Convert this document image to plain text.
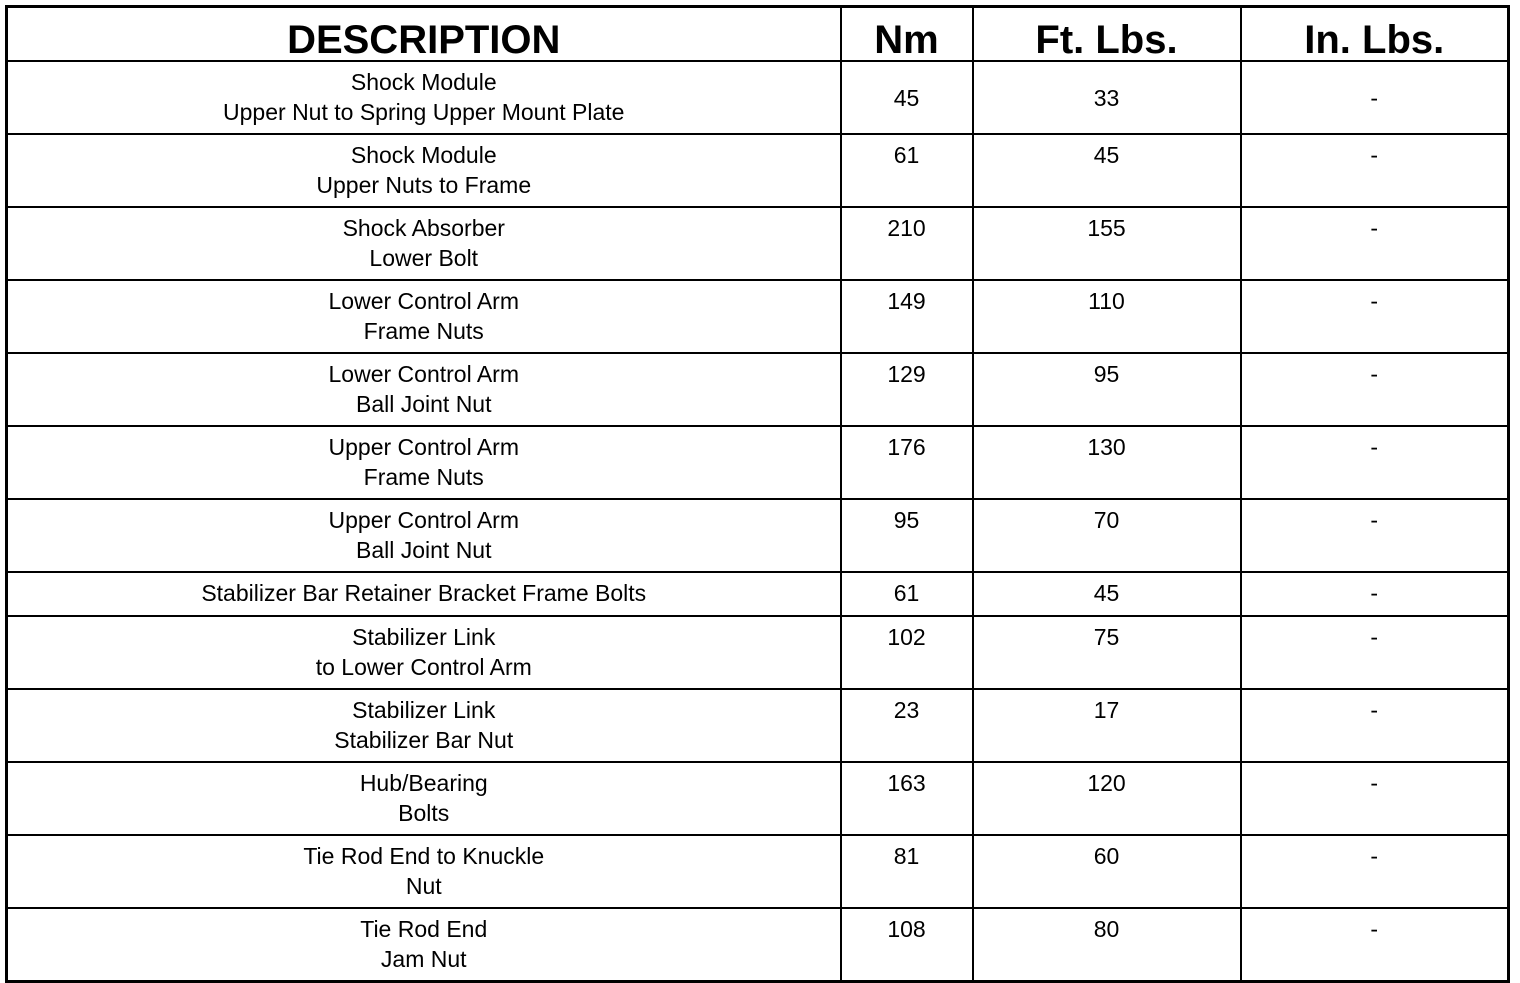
DESCRIPTION	Nm	Ft. Lbs.	In. Lbs.

Shock Module
Upper Nut to Spring Upper Mount Plate	45	33	-

Shock Module
Upper Nuts to Frame	61	45	-

Shock Absorber
Lower Bolt	210	155	-

Lower Control Arm
Frame Nuts	149	110	-

Lower Control Arm
Ball Joint Nut	129	95	-

Upper Control Arm
Frame Nuts	176	130	-

Upper Control Arm
Ball Joint Nut	95	70	-

Stabilizer Bar Retainer Bracket Frame Bolts	61	45	-

Stabilizer Link
to Lower Control Arm	102	75	-

Stabilizer Link
Stabilizer Bar Nut	23	17	-

Hub/Bearing
Bolts	163	120	-

Tie Rod End to Knuckle
Nut	81	60	-

Tie Rod End
Jam Nut	108	80	-
